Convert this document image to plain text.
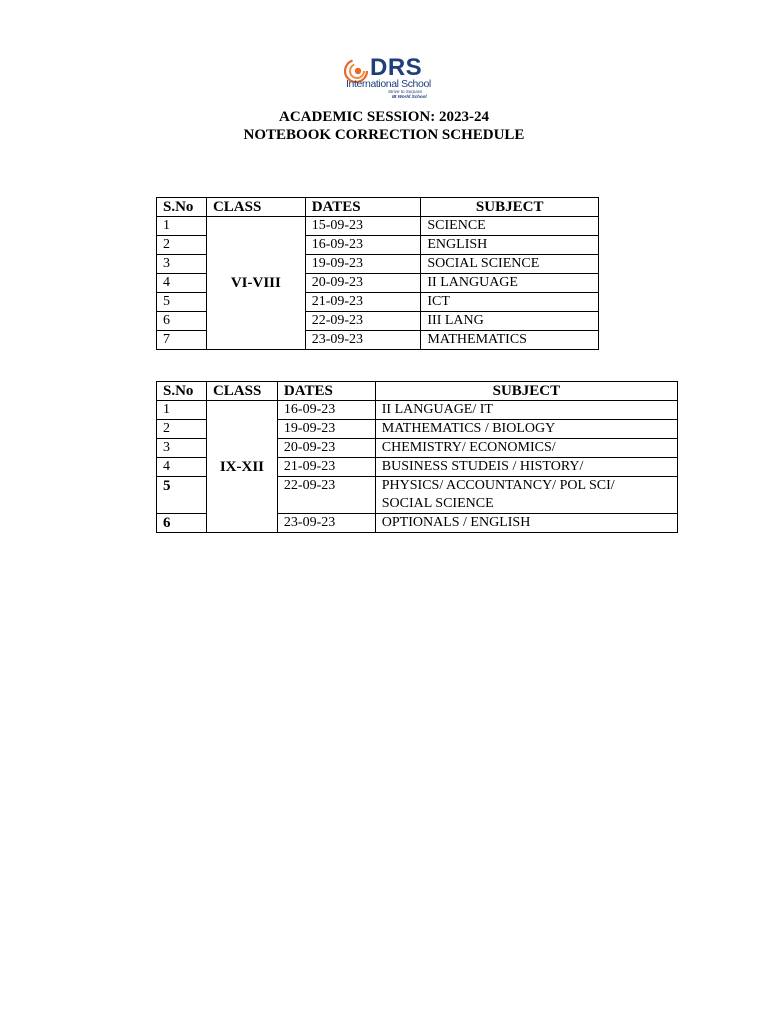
DRS
International School
Strive to Surpass
IB World School
ACADEMIC SESSION: 2023-24
NOTEBOOK CORRECTION SCHEDULE
S.No	CLASS	DATES	SUBJECT
1	VI-VIII	15-09-23	SCIENCE
2		16-09-23	ENGLISH
3		19-09-23	SOCIAL SCIENCE
4		20-09-23	II LANGUAGE
5		21-09-23	ICT
6		22-09-23	III LANG
7		23-09-23	MATHEMATICS
S.No	CLASS	DATES	SUBJECT
1	IX-XII	16-09-23	II LANGUAGE/ IT
2		19-09-23	MATHEMATICS / BIOLOGY
3		20-09-23	CHEMISTRY/ ECONOMICS/
4		21-09-23	BUSINESS STUDEIS / HISTORY/
5		22-09-23	PHYSICS/ ACCOUNTANCY/ POL SCI/
SOCIAL SCIENCE

6		23-09-23	OPTIONALS / ENGLISH
